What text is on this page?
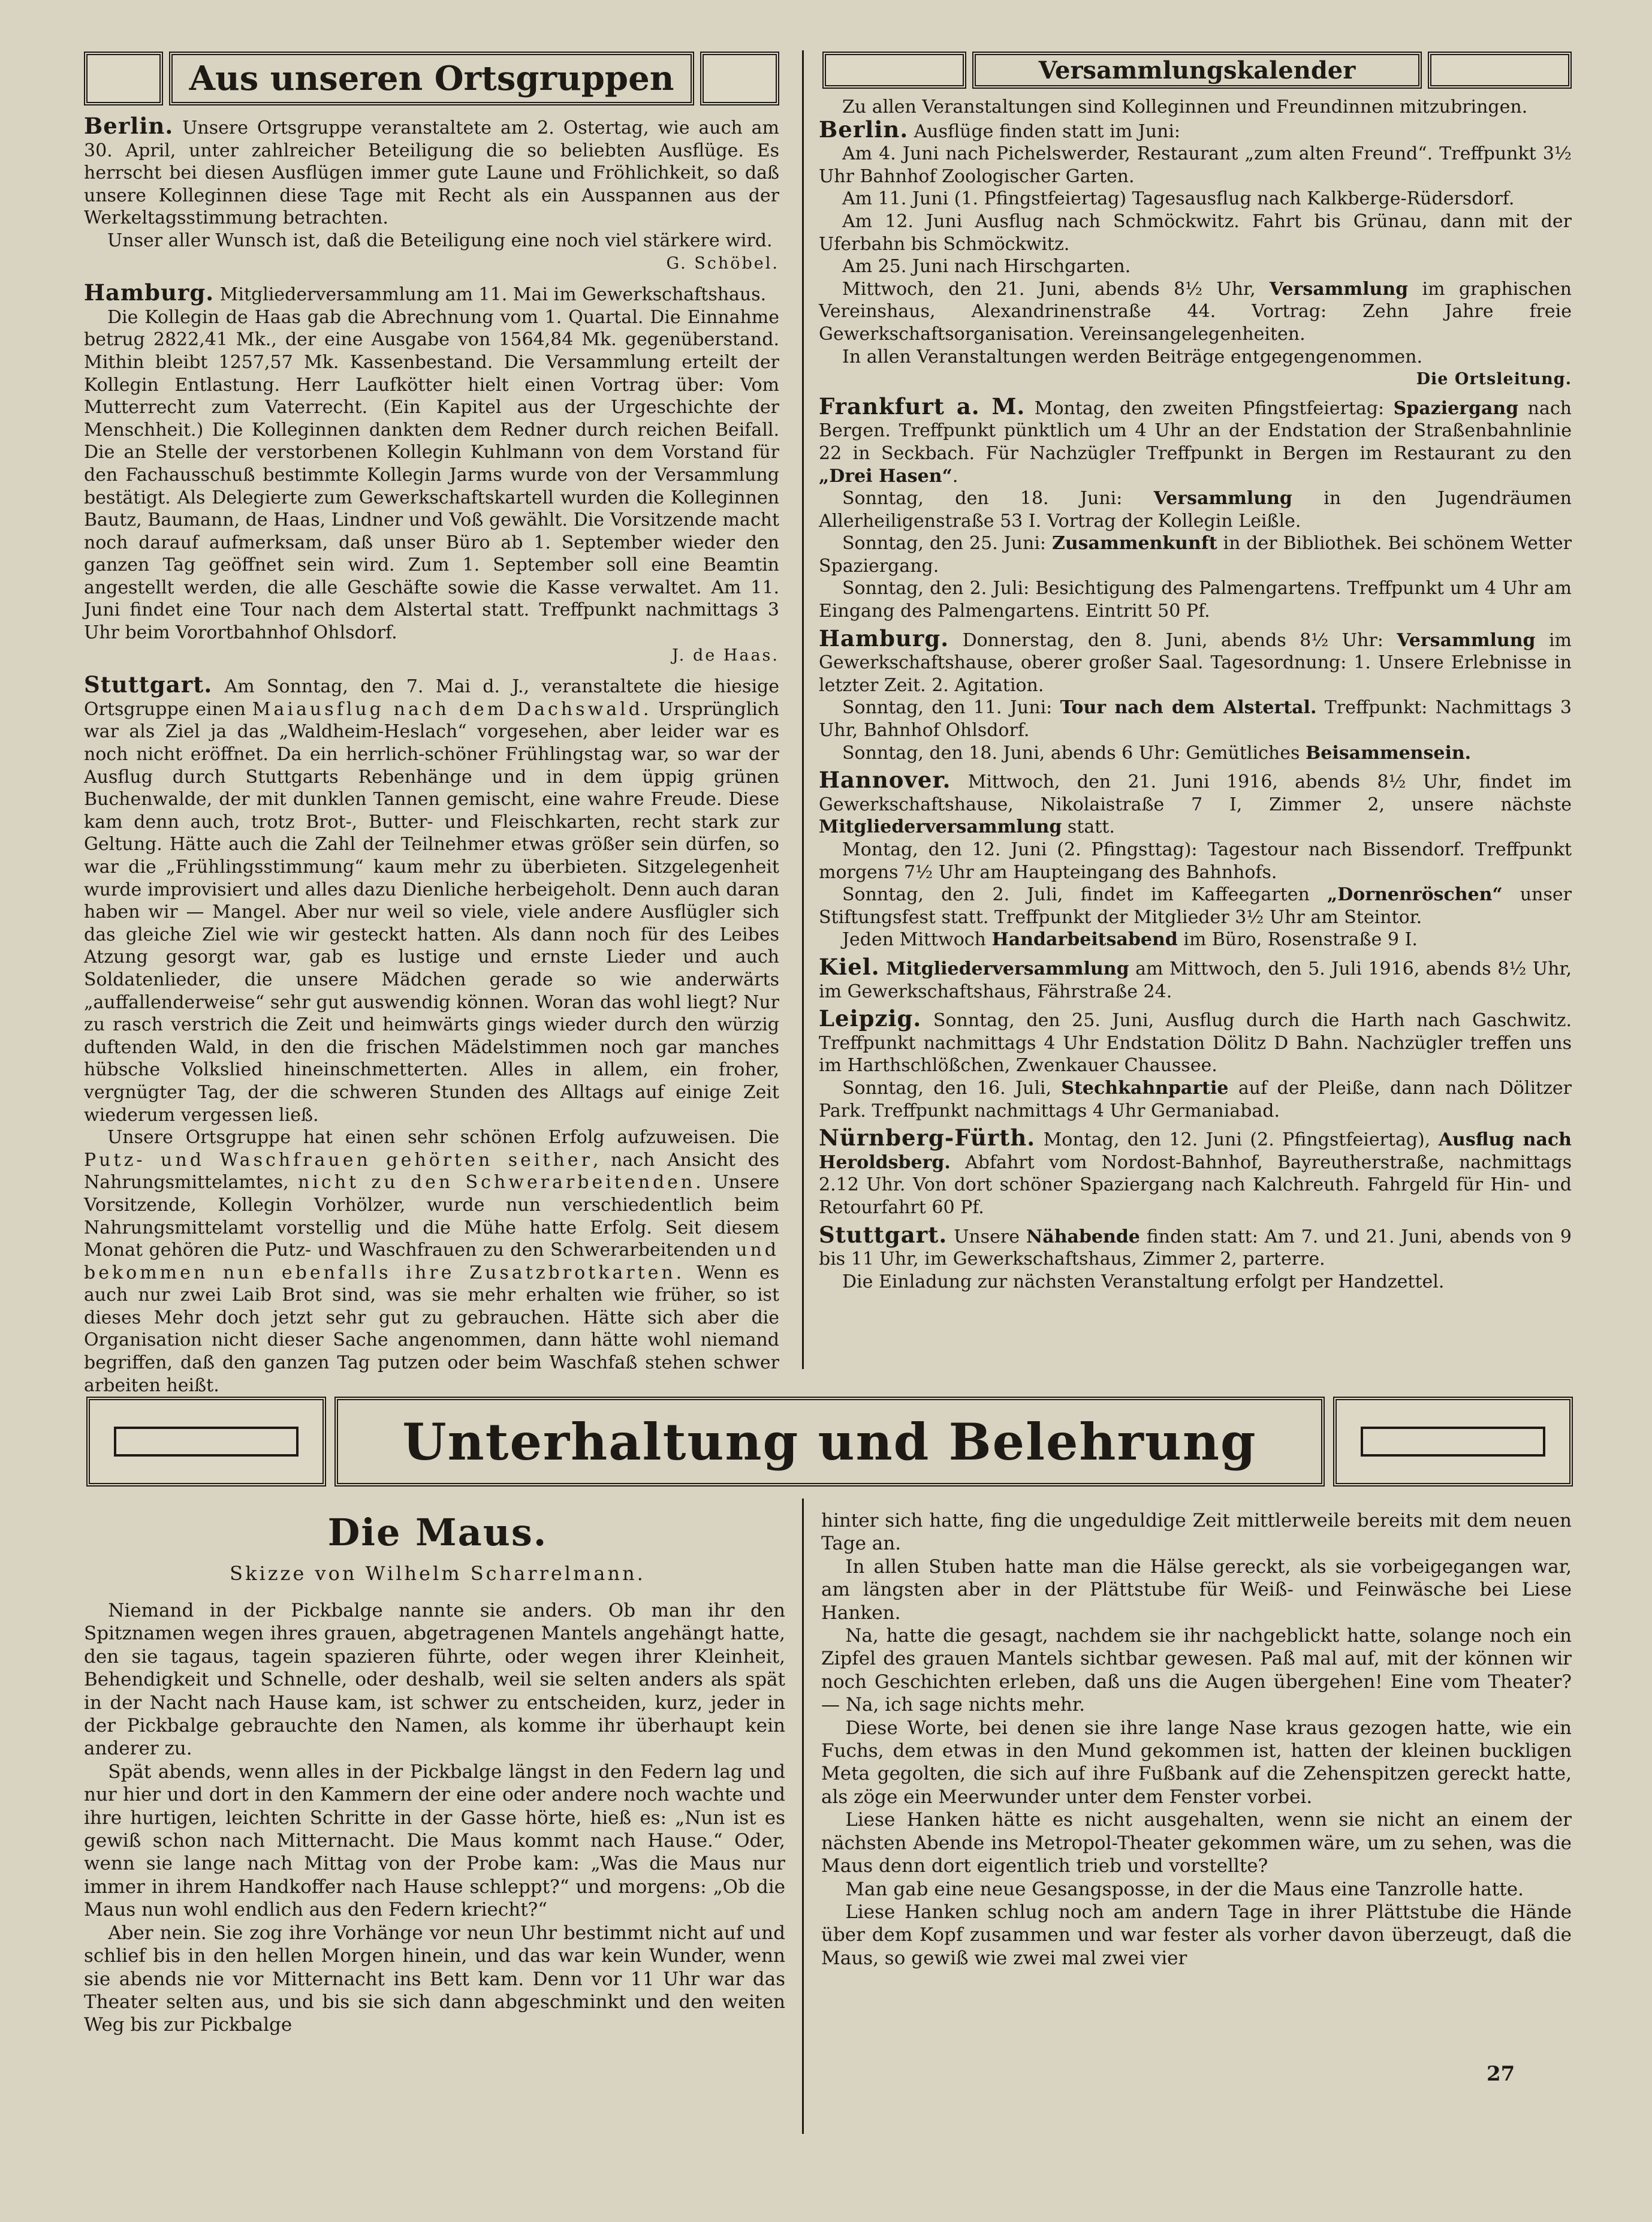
Aus unseren Ortsgruppen	Versammlungskalender

Berlin. Unsere Ortsgruppe veranstaltete am 2. Ostertag, wie auch am 30. April, unter zahlreicher Beteiligung die so beliebten Ausflüge. Es herrscht bei diesen Ausflügen immer gute Laune und Fröhlichkeit, so daß unsere Kolleginnen diese Tage mit Recht als ein Ausspannen aus der Werkeltagsstimmung betrachten.

Unser aller Wunsch ist, daß die Beteiligung eine noch viel stärkere wird.

G. Schöbel.

Hamburg. Mitgliederversammlung am 11. Mai im Gewerkschaftshaus.

Die Kollegin de Haas gab die Abrechnung vom 1. Quartal. Die Einnahme betrug 2822,41 Mk., der eine Ausgabe von 1564,84 Mk. gegenüberstand. Mithin bleibt 1257,57 Mk. Kassenbestand. Die Versammlung erteilt der Kollegin Entlastung. Herr Laufkötter hielt einen Vortrag über: Vom Mutterrecht zum Vaterrecht. (Ein Kapitel aus der Urgeschichte der Menschheit.) Die Kolleginnen dankten dem Redner durch reichen Beifall. Die an Stelle der verstorbenen Kollegin Kuhlmann von dem Vorstand für den Fachausschuß bestimmte Kollegin Jarms wurde von der Versammlung bestätigt. Als Delegierte zum Gewerkschaftskartell wurden die Kolleginnen Bautz, Baumann, de Haas, Lindner und Voß gewählt. Die Vorsitzende macht noch darauf aufmerksam, daß unser Büro ab 1. September wieder den ganzen Tag geöffnet sein wird. Zum 1. September soll eine Beamtin angestellt werden, die alle Geschäfte sowie die Kasse verwaltet. Am 11. Juni findet eine Tour nach dem Alstertal statt. Treffpunkt nachmittags 3 Uhr beim Vorortbahnhof Ohlsdorf.

J. de Haas.

Stuttgart. Am Sonntag, den 7. Mai d. J., veranstaltete die hiesige Ortsgruppe einen Maiausflug nach dem Dachswald. Ursprünglich war als Ziel ja das „Waldheim-Heslach“ vorgesehen, aber leider war es noch nicht eröffnet. Da ein herrlich-schöner Frühlingstag war, so war der Ausflug durch Stuttgarts Rebenhänge und in dem üppig grünen Buchenwalde, der mit dunklen Tannen gemischt, eine wahre Freude. Diese kam denn auch, trotz Brot-, Butter- und Fleischkarten, recht stark zur Geltung. Hätte auch die Zahl der Teilnehmer etwas größer sein dürfen, so war die „Frühlingsstimmung“ kaum mehr zu überbieten. Sitzgelegenheit wurde improvisiert und alles dazu Dienliche herbeigeholt. Denn auch daran haben wir — Mangel. Aber nur weil so viele, viele andere Ausflügler sich das gleiche Ziel wie wir gesteckt hatten. Als dann noch für des Leibes Atzung gesorgt war, gab es lustige und ernste Lieder und auch Soldatenlieder, die unsere Mädchen gerade so wie anderwärts „auffallenderweise“ sehr gut auswendig können. Woran das wohl liegt? Nur zu rasch verstrich die Zeit und heimwärts gings wieder durch den würzig duftenden Wald, in den die frischen Mädelstimmen noch gar manches hübsche Volkslied hineinschmetterten. Alles in allem, ein froher, vergnügter Tag, der die schweren Stunden des Alltags auf einige Zeit wiederum vergessen ließ.

Unsere Ortsgruppe hat einen sehr schönen Erfolg aufzuweisen. Die Putz- und Waschfrauen gehörten seither, nach Ansicht des Nahrungsmittelamtes, nicht zu den Schwerarbeitenden. Unsere Vorsitzende, Kollegin Vorhölzer, wurde nun verschiedentlich beim Nahrungsmittelamt vorstellig und die Mühe hatte Erfolg. Seit diesem Monat gehören die Putz- und Waschfrauen zu den Schwerarbeitenden und bekommen nun ebenfalls ihre Zusatzbrotkarten. Wenn es auch nur zwei Laib Brot sind, was sie mehr erhalten wie früher, so ist dieses Mehr doch jetzt sehr gut zu gebrauchen. Hätte sich aber die Organisation nicht dieser Sache angenommen, dann hätte wohl niemand begriffen, daß den ganzen Tag putzen oder beim Waschfaß stehen schwer arbeiten heißt.

Zu allen Veranstaltungen sind Kolleginnen und Freundinnen mitzubringen.

Berlin. Ausflüge finden statt im Juni:

Am 4. Juni nach Pichelswerder, Restaurant „zum alten Freund“. Treffpunkt 3½ Uhr Bahnhof Zoologischer Garten.

Am 11. Juni (1. Pfingstfeiertag) Tagesausflug nach Kalkberge-Rüdersdorf.

Am 12. Juni Ausflug nach Schmöckwitz. Fahrt bis Grünau, dann mit der Uferbahn bis Schmöckwitz.

Am 25. Juni nach Hirschgarten.

Mittwoch, den 21. Juni, abends 8½ Uhr, Versammlung im graphischen Vereinshaus, Alexandrinenstraße 44. Vortrag: Zehn Jahre freie Gewerkschaftsorganisation. Vereinsangelegenheiten.

In allen Veranstaltungen werden Beiträge entgegengenommen.

Die Ortsleitung.

Frankfurt a. M. Montag, den zweiten Pfingstfeiertag: Spaziergang nach Bergen. Treffpunkt pünktlich um 4 Uhr an der Endstation der Straßenbahnlinie 22 in Seckbach. Für Nachzügler Treffpunkt in Bergen im Restaurant zu den „Drei Hasen“.

Sonntag, den 18. Juni: Versammlung in den Jugendräumen Allerheiligenstraße 53 I. Vortrag der Kollegin Leißle.

Sonntag, den 25. Juni: Zusammenkunft in der Bibliothek. Bei schönem Wetter Spaziergang.

Sonntag, den 2. Juli: Besichtigung des Palmengartens. Treffpunkt um 4 Uhr am Eingang des Palmengartens. Eintritt 50 Pf.

Hamburg. Donnerstag, den 8. Juni, abends 8½ Uhr: Versammlung im Gewerkschaftshause, oberer großer Saal. Tagesordnung: 1. Unsere Erlebnisse in letzter Zeit. 2. Agitation.

Sonntag, den 11. Juni: Tour nach dem Alstertal. Treffpunkt: Nachmittags 3 Uhr, Bahnhof Ohlsdorf.

Sonntag, den 18. Juni, abends 6 Uhr: Gemütliches Beisammensein.

Hannover. Mittwoch, den 21. Juni 1916, abends 8½ Uhr, findet im Gewerkschaftshause, Nikolaistraße 7 I, Zimmer 2, unsere nächste Mitgliederversammlung statt.

Montag, den 12. Juni (2. Pfingsttag): Tagestour nach Bissendorf. Treffpunkt morgens 7½ Uhr am Haupteingang des Bahnhofs.

Sonntag, den 2. Juli, findet im Kaffeegarten „Dornenröschen“ unser Stiftungsfest statt. Treffpunkt der Mitglieder 3½ Uhr am Steintor.

Jeden Mittwoch Handarbeitsabend im Büro, Rosenstraße 9 I.

Kiel. Mitgliederversammlung am Mittwoch, den 5. Juli 1916, abends 8½ Uhr, im Gewerkschaftshaus, Fährstraße 24.

Leipzig. Sonntag, den 25. Juni, Ausflug durch die Harth nach Gaschwitz. Treffpunkt nachmittags 4 Uhr Endstation Dölitz D Bahn. Nachzügler treffen uns im Harthschlößchen, Zwenkauer Chaussee.

Sonntag, den 16. Juli, Stechkahnpartie auf der Pleiße, dann nach Dölitzer Park. Treffpunkt nachmittags 4 Uhr Germaniabad.

Nürnberg-Fürth. Montag, den 12. Juni (2. Pfingstfeiertag), Ausflug nach Heroldsberg. Abfahrt vom Nordost-Bahnhof, Bayreutherstraße, nachmittags 2.12 Uhr. Von dort schöner Spaziergang nach Kalchreuth. Fahrgeld für Hin- und Retourfahrt 60 Pf.

Stuttgart. Unsere Nähabende finden statt: Am 7. und 21. Juni, abends von 9 bis 11 Uhr, im Gewerkschaftshaus, Zimmer 2, parterre.

Die Einladung zur nächsten Veranstaltung erfolgt per Handzettel.

Unterhaltung und Belehrung
Die Maus.
Skizze von Wilhelm Scharrelmann.

Niemand in der Pickbalge nannte sie anders. Ob man ihr den Spitznamen wegen ihres grauen, abgetragenen Mantels angehängt hatte, den sie tagaus, tagein spazieren führte, oder wegen ihrer Kleinheit, Behendigkeit und Schnelle, oder deshalb, weil sie selten anders als spät in der Nacht nach Hause kam, ist schwer zu entscheiden, kurz, jeder in der Pickbalge gebrauchte den Namen, als komme ihr überhaupt kein anderer zu.

Spät abends, wenn alles in der Pickbalge längst in den Federn lag und nur hier und dort in den Kammern der eine oder andere noch wachte und ihre hurtigen, leichten Schritte in der Gasse hörte, hieß es: „Nun ist es gewiß schon nach Mitternacht. Die Maus kommt nach Hause.“ Oder, wenn sie lange nach Mittag von der Probe kam: „Was die Maus nur immer in ihrem Handkoffer nach Hause schleppt?“ und morgens: „Ob die Maus nun wohl endlich aus den Federn kriecht?“

Aber nein. Sie zog ihre Vorhänge vor neun Uhr bestimmt nicht auf und schlief bis in den hellen Morgen hinein, und das war kein Wunder, wenn sie abends nie vor Mitternacht ins Bett kam. Denn vor 11 Uhr war das Theater selten aus, und bis sie sich dann abgeschminkt und den weiten Weg bis zur Pickbalge

hinter sich hatte, fing die ungeduldige Zeit mittlerweile bereits mit dem neuen Tage an.

In allen Stuben hatte man die Hälse gereckt, als sie vorbeigegangen war, am längsten aber in der Plättstube für Weiß- und Feinwäsche bei Liese Hanken.

Na, hatte die gesagt, nachdem sie ihr nachgeblickt hatte, solange noch ein Zipfel des grauen Mantels sichtbar gewesen. Paß mal auf, mit der können wir noch Geschichten erleben, daß uns die Augen übergehen! Eine vom Theater? — Na, ich sage nichts mehr.

Diese Worte, bei denen sie ihre lange Nase kraus gezogen hatte, wie ein Fuchs, dem etwas in den Mund gekommen ist, hatten der kleinen buckligen Meta gegolten, die sich auf ihre Fußbank auf die Zehenspitzen gereckt hatte, als zöge ein Meerwunder unter dem Fenster vorbei.

Liese Hanken hätte es nicht ausgehalten, wenn sie nicht an einem der nächsten Abende ins Metropol-Theater gekommen wäre, um zu sehen, was die Maus denn dort eigentlich trieb und vorstellte?

Man gab eine neue Gesangsposse, in der die Maus eine Tanzrolle hatte.

Liese Hanken schlug noch am andern Tage in ihrer Plättstube die Hände über dem Kopf zusammen und war fester als vorher davon überzeugt, daß die Maus, so gewiß wie zwei mal zwei vier

27
